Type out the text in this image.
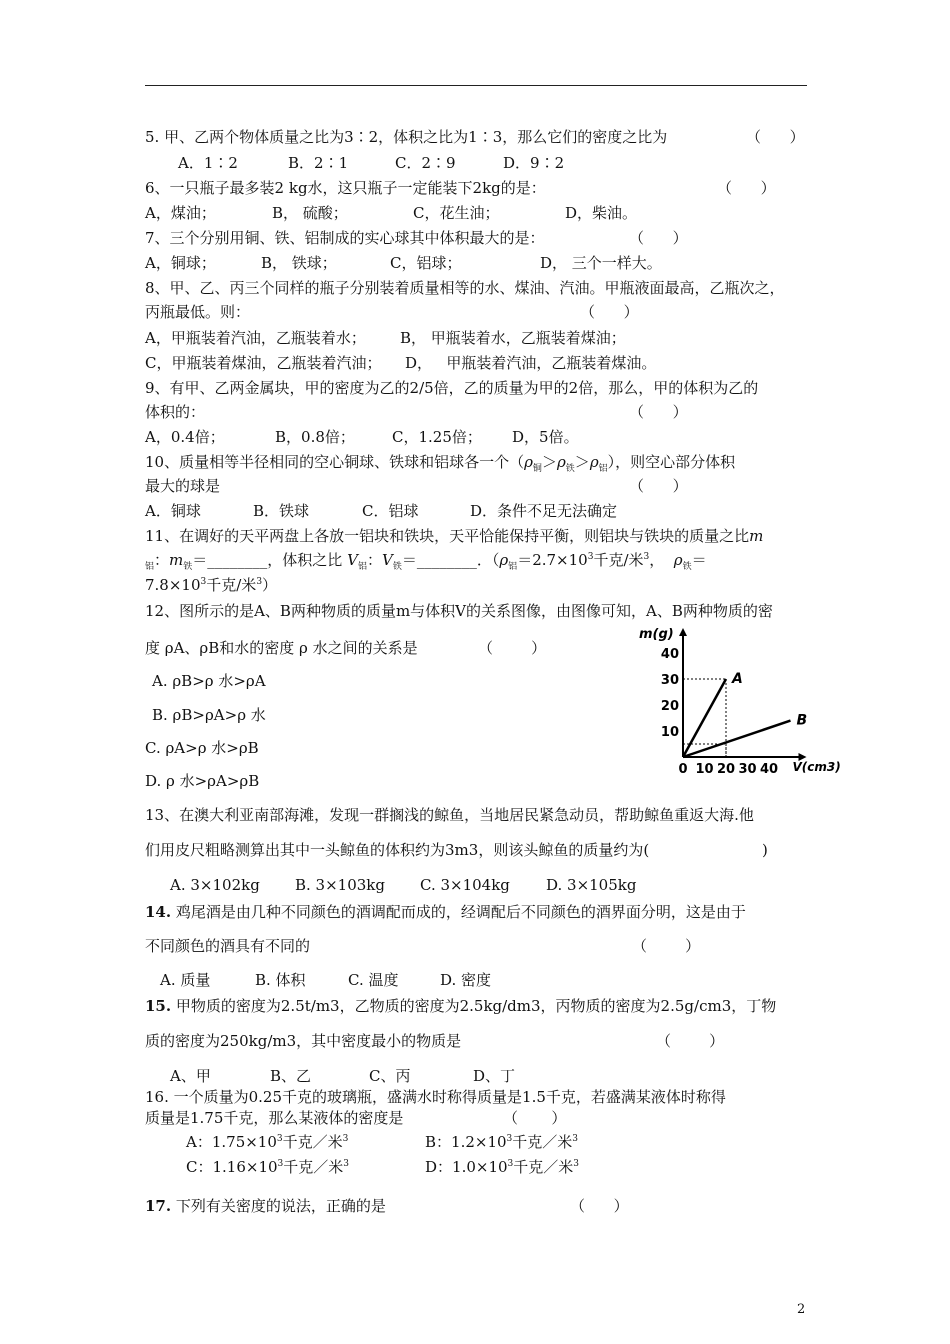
5. 甲、乙两个物体质量之比为3∶2，体积之比为1∶3，那么它们的密度之比为	（      ）
A．1∶2	B．2∶1	C．2∶9	D．9∶2
6、一只瓶子最多装2 kg水，这只瓶子一定能装下2kg的是：	（      ）
A，煤油；	B， 硫酸；	C，花生油；	D，柴油。
7、三个分别用铜、铁、铝制成的实心球其中体积最大的是：	（      ）
A，铜球；	B， 铁球；	C，铝球；	D， 三个一样大。
8、甲、乙、丙三个同样的瓶子分别装着质量相等的水、煤油、汽油。甲瓶液面最高，乙瓶次之，
丙瓶最低。则：	（      ）
A，甲瓶装着汽油，乙瓶装着水； B， 甲瓶装着水，乙瓶装着煤油；
C，甲瓶装着煤油，乙瓶装着汽油； D，   甲瓶装着汽油，乙瓶装着煤油。
9、有甲、乙两金属块，甲的密度为乙的2/5倍，乙的质量为甲的2倍，那么，甲的体积为乙的
体积的：	（      ）
A，0.4倍；	B，0.8倍； C，1.25倍； D，5倍。
10、质量相等半径相同的空心铜球、铁球和铝球各一个$(\rho_铜>\rho_铁>\rho_铝)$，则空心部分体积
最大的球是	（      ）
A．铜球	B．铁球	C．铝球	D．条件不足无法确定
11、在调好的天平两盘上各放一铝块和铁块，天平恰能保持平衡，则铝块与铁块的质量之比m
$_铝$：$m_铁=\_\_\_\_\_\_\_\_$，体积之比 $V_铝$：$V_铁=\_\_\_\_\_\_\_\_$．（$\rho_铝=2.7\times 10^3$千克/米$^3$，  $\rho_铁=$
$7.8\times 10^3$千克/米$^3$）
12、图所示的是A、B两种物质的质量m与体积V的关系图像，由图像可知，A、B两种物质的密
度 ρA、ρB和水的密度 ρ 水之间的关系是	（        ）
A. ρB>ρ 水>ρA
B. ρB>ρA>ρ 水
C. ρA>ρ 水>ρB
D. ρ 水>ρA>ρB
m(g)
V(cm3)
0 10 20 30 40
10
20
30
40
A
B
13、在澳大利亚南部海滩，发现一群搁浅的鲸鱼，当地居民紧急动员，帮助鲸鱼重返大海.他
们用皮尺粗略测算出其中一头鲸鱼的体积约为3m3，则该头鲸鱼的质量约为(	)
A. 3×102kg B. 3×103kg C. 3×104kg D. 3×105kg
14. 鸡尾酒是由几种不同颜色的酒调配而成的，经调配后不同颜色的酒界面分明，这是由于
不同颜色的酒具有不同的	（        ）
A. 质量	B. 体积	C. 温度	D. 密度
15. 甲物质的密度为2.5t/m3，乙物质的密度为2.5kg/dm3，丙物质的密度为2.5g/cm3，丁物
质的密度为250kg/m3，其中密度最小的物质是	（        ）
A、甲	B、乙	C、丙	D、丁
16. 一个质量为0.25千克的玻璃瓶，盛满水时称得质量是1.5千克，若盛满某液体时称得
质量是1.75千克，那么某液体的密度是	（       ）
A：$1.75\times 10^3$千克／米$^3$	B：$1.2\times 10^3$千克／米$^3$
C：$1.16\times 10^3$千克／米$^3$	D：$1.0\times 10^3$千克／米$^3$
17. 下列有关密度的说法，正确的是	（      ）
2
